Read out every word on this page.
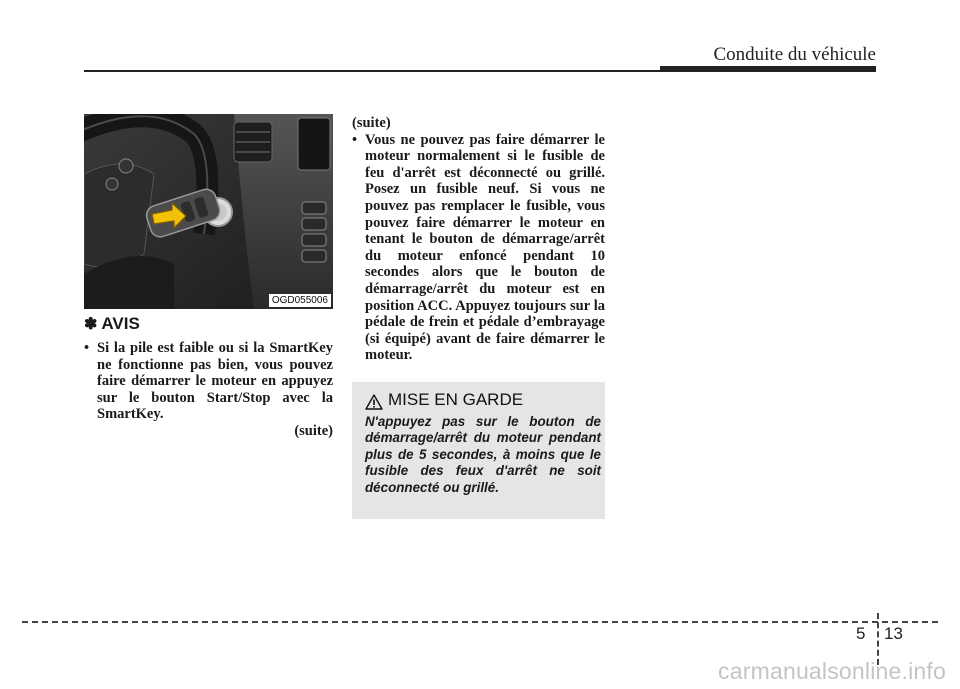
Conduite du véhicule
OGD055006
✽ AVIS
• Si la pile est faible ou si la SmartKey ne fonctionne pas bien, vous pouvez faire démarrer le moteur en appuyez sur le bouton Start/Stop avec la SmartKey.
(suite)
(suite)
• Vous ne pouvez pas faire démarrer le moteur normalement si le fusible de feu d'arrêt est déconnecté ou grillé. Posez un fusible neuf. Si vous ne pouvez pas remplacer le fusible, vous pouvez faire démarrer le moteur en tenant le bouton de démarrage/arrêt du moteur enfoncé pendant 10 secondes alors que le bouton de démarrage/arrêt du moteur est en position ACC. Appuyez toujours sur la pédale de frein et pédale d’embrayage (si équipé) avant de faire démarrer le moteur.
MISE EN GARDE
N'appuyez pas sur le bouton de démarrage/arrêt du moteur pendant plus de 5 secondes, à moins que le fusible des feux d'arrêt ne soit déconnecté ou grillé.
5 13
carmanualsonline.info
